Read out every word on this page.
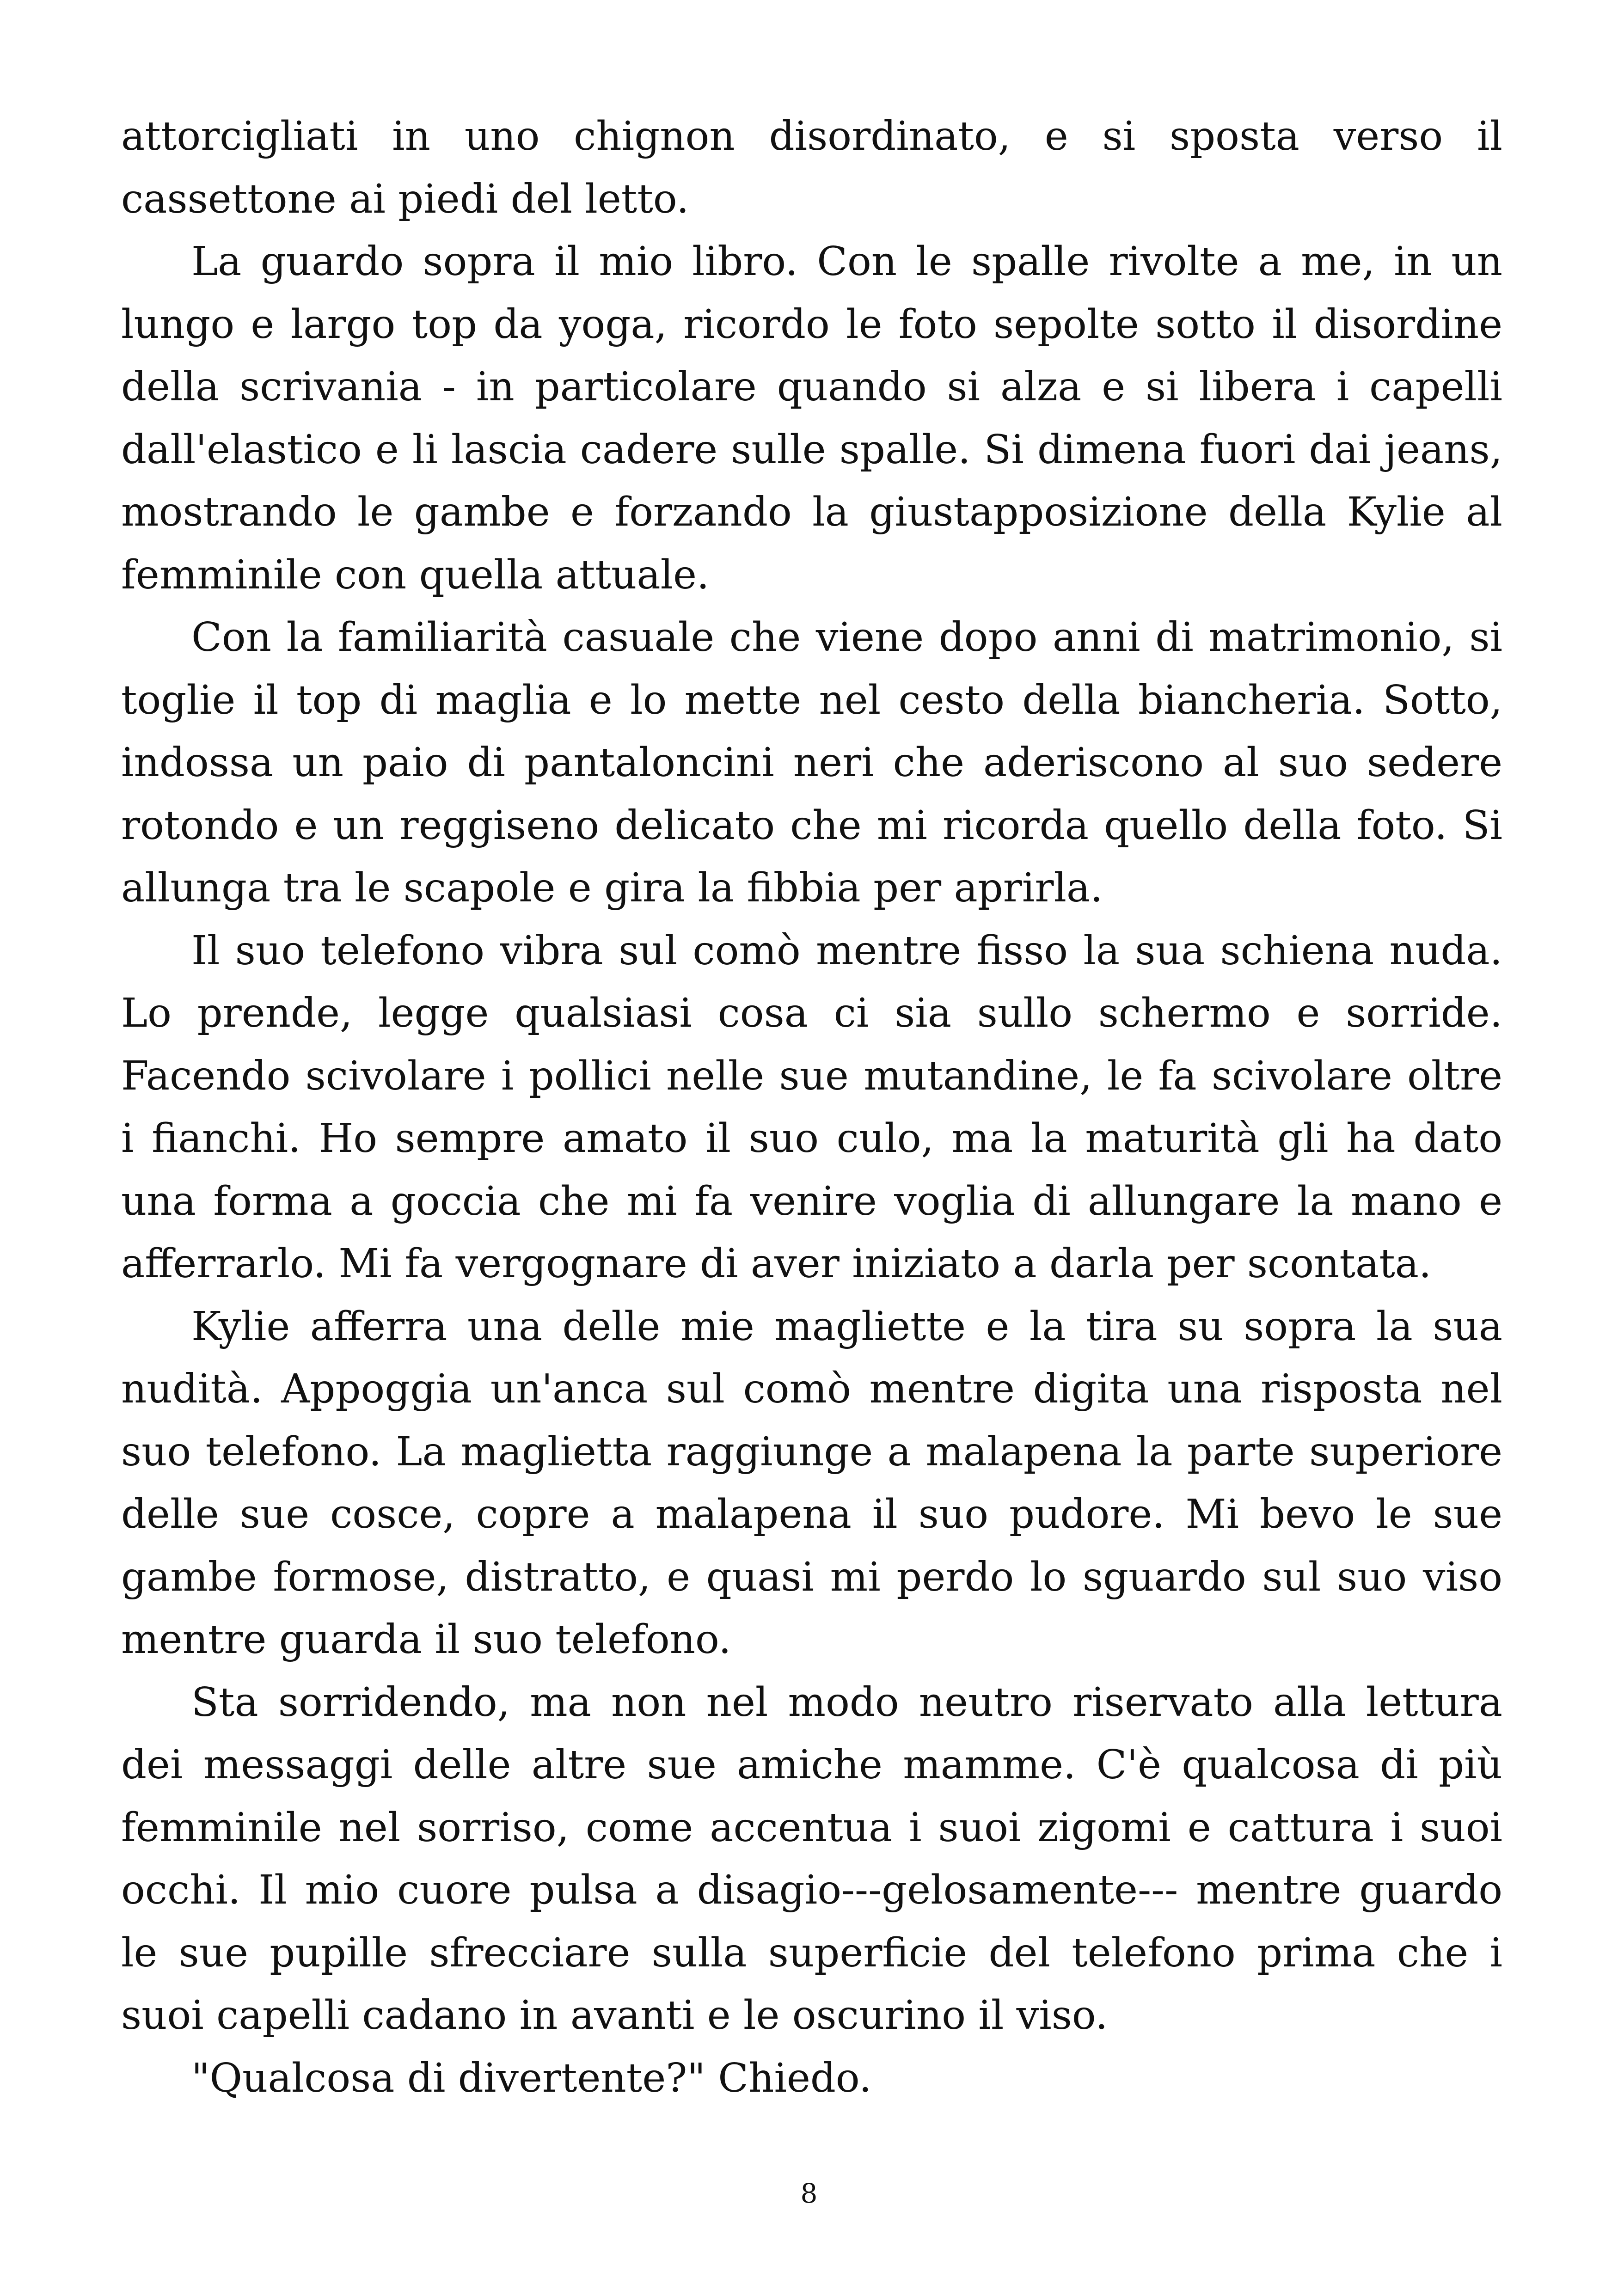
attorcigliati in uno chignon disordinato, e si sposta verso il cassettone ai piedi del letto.

La guardo sopra il mio libro. Con le spalle rivolte a me, in un lungo e largo top da yoga, ricordo le foto sepolte sotto il disordine della scrivania - in particolare quando si alza e si libera i capelli dall'elastico e li lascia cadere sulle spalle. Si dimena fuori dai jeans, mostrando le gambe e forzando la giustapposizione della Kylie al femminile con quella attuale.

Con la familiarità casuale che viene dopo anni di matrimonio, si toglie il top di maglia e lo mette nel cesto della biancheria. Sotto, indossa un paio di pantaloncini neri che aderiscono al suo sedere rotondo e un reggiseno delicato che mi ricorda quello della foto. Si allunga tra le scapole e gira la fibbia per aprirla.

Il suo telefono vibra sul comò mentre fisso la sua schiena nuda. Lo prende, legge qualsiasi cosa ci sia sullo schermo e sorride. Facendo scivolare i pollici nelle sue mutandine, le fa scivolare oltre i fianchi. Ho sempre amato il suo culo, ma la maturità gli ha dato una forma a goccia che mi fa venire voglia di allungare la mano e afferrarlo. Mi fa vergognare di aver iniziato a darla per scontata.

Kylie afferra una delle mie magliette e la tira su sopra la sua nudità. Appoggia un'anca sul comò mentre digita una risposta nel suo telefono. La maglietta raggiunge a malapena la parte superiore delle sue cosce, copre a malapena il suo pudore. Mi bevo le sue gambe formose, distratto, e quasi mi perdo lo sguardo sul suo viso mentre guarda il suo telefono.

Sta sorridendo, ma non nel modo neutro riservato alla lettura dei messaggi delle altre sue amiche mamme. C'è qualcosa di più femminile nel sorriso, come accentua i suoi zigomi e cattura i suoi occhi. Il mio cuore pulsa a disagio---gelosamente--- mentre guardo le sue pupille sfrecciare sulla superficie del telefono prima che i suoi capelli cadano in avanti e le oscurino il viso.

"Qualcosa di divertente?" Chiedo.

8
